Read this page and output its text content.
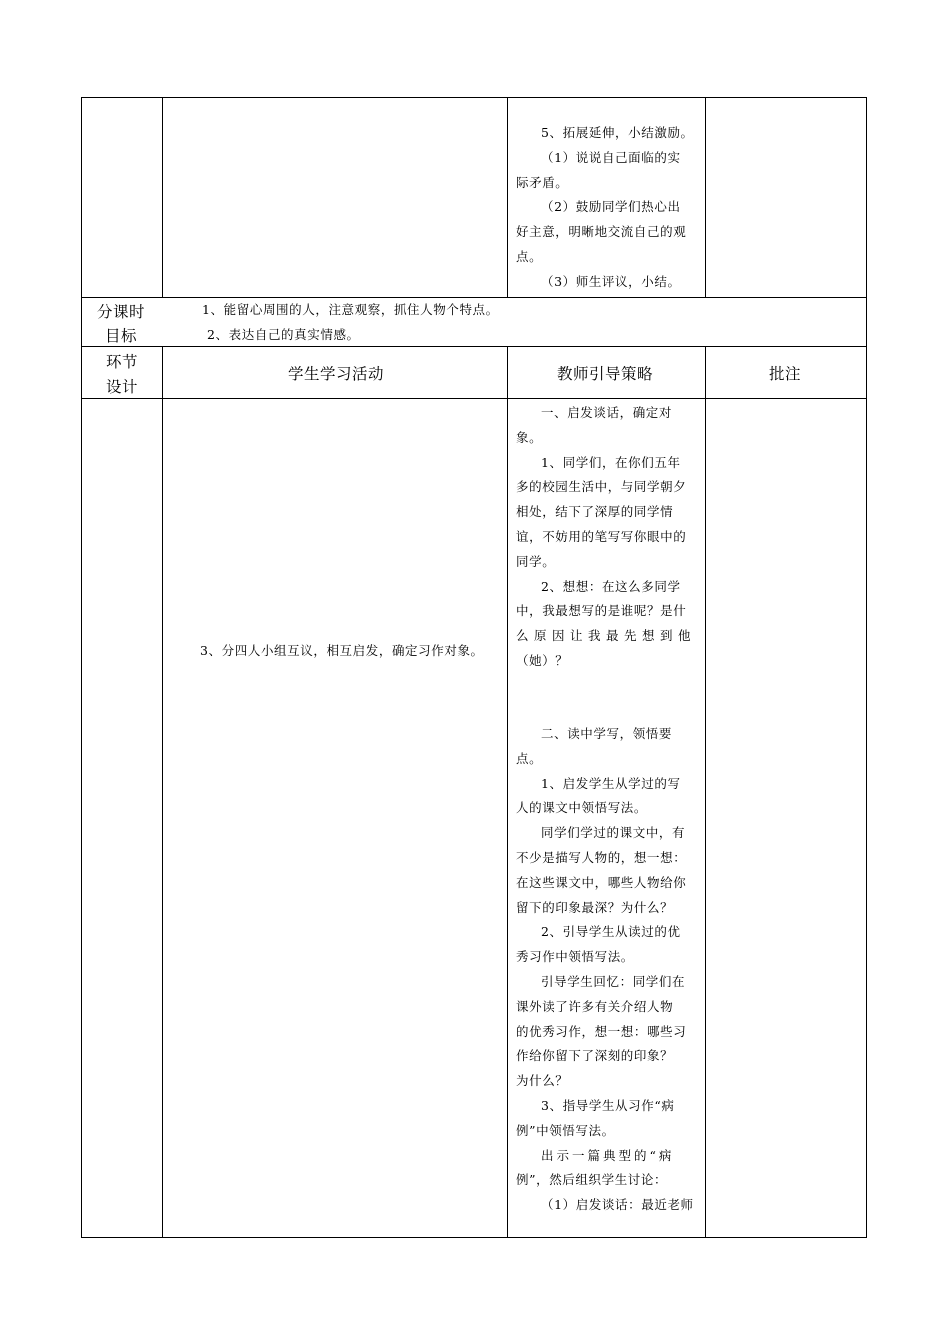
5、拓展延伸，小结激励。

（1）说说自己面临的实

际矛盾。

（2）鼓励同学们热心出

好主意，明晰地交流自己的观

点。

（3）师生评议，小结。

分课时
目标
1、能留心周围的人，注意观察，抓住人物个特点。
2、表达自己的真实情感。
环节
设计
学生学习活动	教师引导策略	批注
3、分四人小组互议，相互启发，确定习作对象。

一、启发谈话，确定对

象。

1、同学们，在你们五年

多的校园生活中，与同学朝夕

相处，结下了深厚的同学情

谊，不妨用的笔写写你眼中的

同学。

2、想想：在这么多同学

中，我最想写的是谁呢？是什

么原因让我最先想到他

（她）？

二、读中学写，领悟要

点。

1、启发学生从学过的写

人的课文中领悟写法。

同学们学过的课文中，有

不少是描写人物的，想一想：

在这些课文中，哪些人物给你

留下的印象最深？为什么？

2、引导学生从读过的优

秀习作中领悟写法。

引导学生回忆：同学们在

课外读了许多有关介绍人物

的优秀习作，想一想：哪些习

作给你留下了深刻的印象？

为什么？

3、指导学生从习作“病

例”中领悟写法。

出示一篇典型的“病

例”，然后组织学生讨论：

（1）启发谈话：最近老师
